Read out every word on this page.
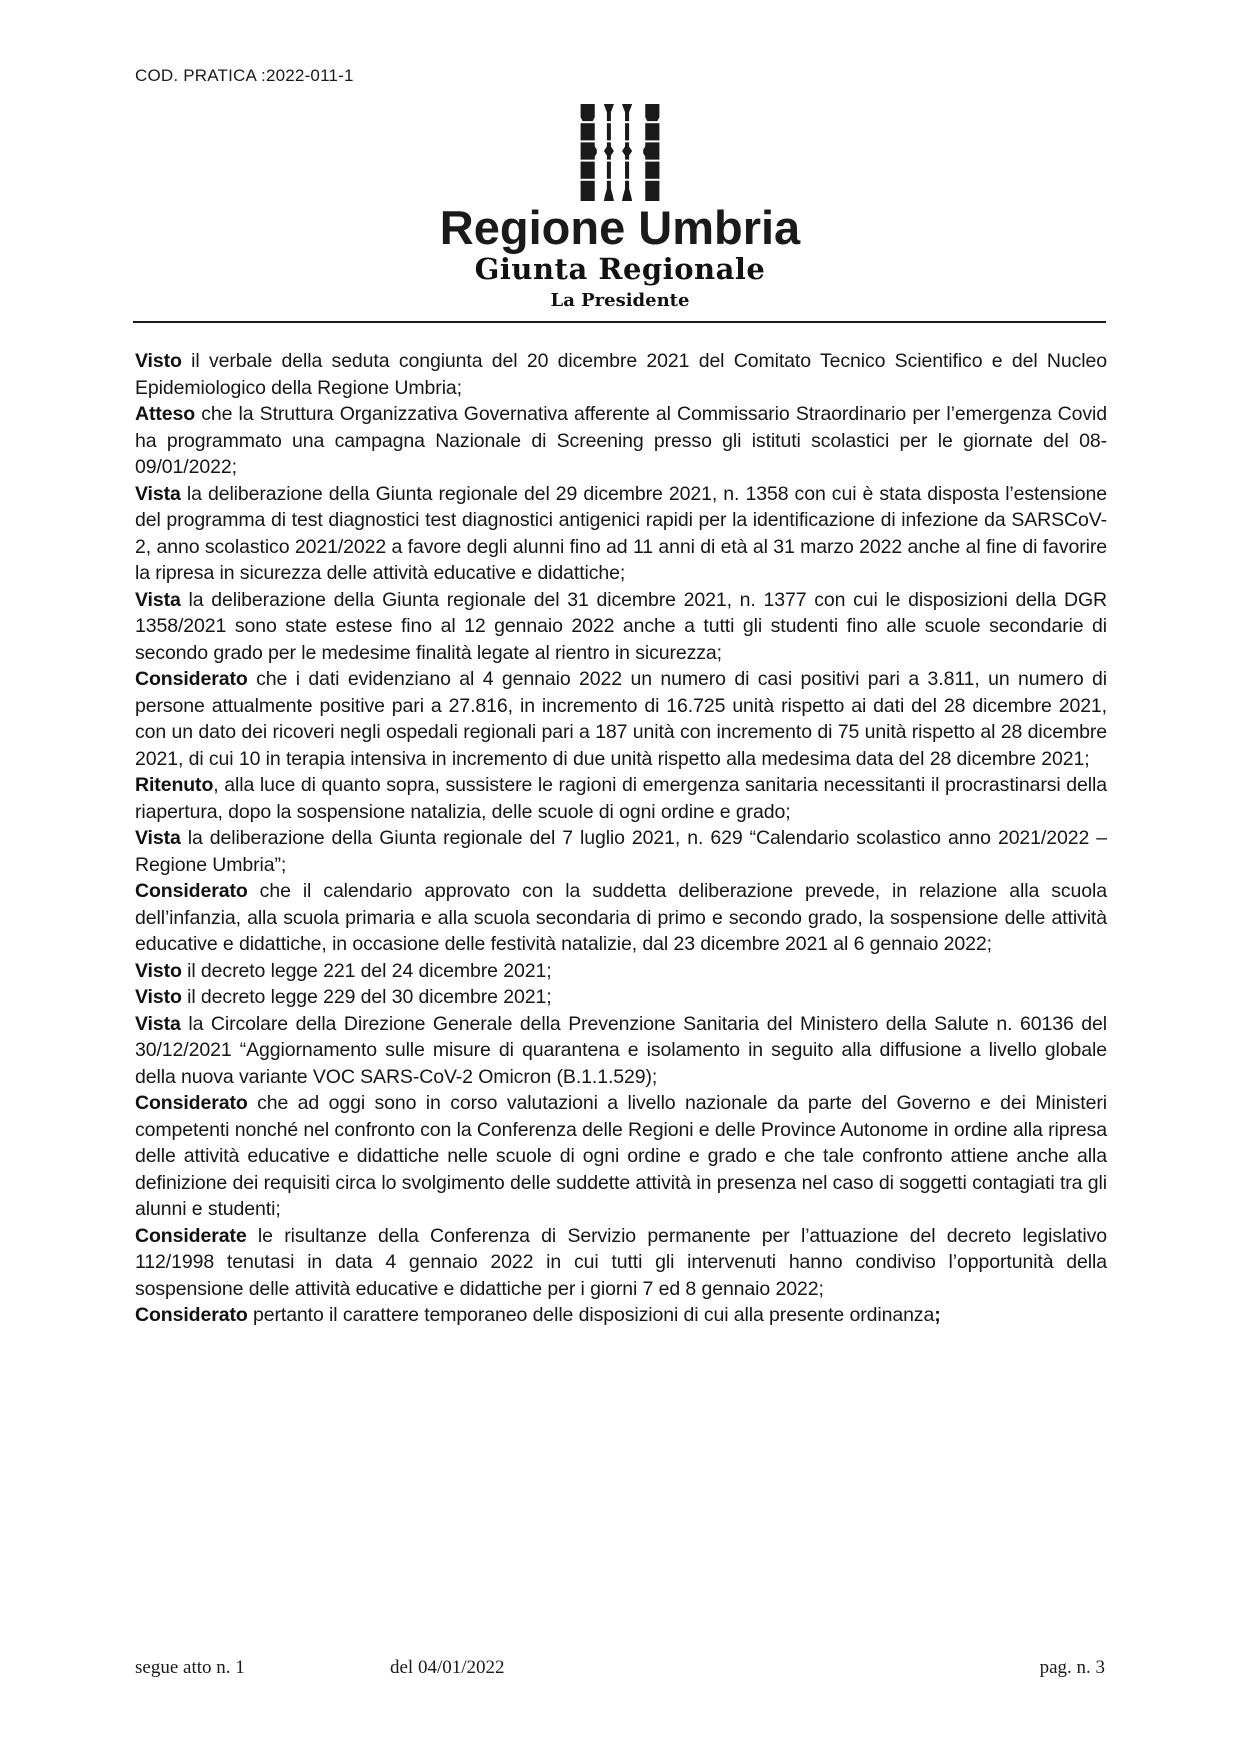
COD. PRATICA :2022-011-1
Regione Umbria
Giunta Regionale
La Presidente

Visto il verbale della seduta congiunta del 20 dicembre 2021 del Comitato Tecnico Scientifico e del Nucleo Epidemiologico della Regione Umbria;

Atteso che la Struttura Organizzativa Governativa afferente al Commissario Straordinario per l’emergenza Covid ha programmato una campagna Nazionale di Screening presso gli istituti scolastici per le giornate del 08-09/01/2022;

Vista la deliberazione della Giunta regionale del 29 dicembre 2021, n. 1358 con cui è stata disposta l’estensione del programma di test diagnostici test diagnostici antigenici rapidi per la identificazione di infezione da SARSCoV-2, anno scolastico 2021/2022 a favore degli alunni fino ad 11 anni di età al 31 marzo 2022 anche al fine di favorire la ripresa in sicurezza delle attività educative e didattiche;

Vista la deliberazione della Giunta regionale del 31 dicembre 2021, n. 1377 con cui le disposizioni della DGR 1358/2021 sono state estese fino al 12 gennaio 2022 anche a tutti gli studenti fino alle scuole secondarie di secondo grado per le medesime finalità legate al rientro in sicurezza;

Considerato che i dati evidenziano al 4 gennaio 2022 un numero di casi positivi pari a 3.811, un numero di persone attualmente positive pari a 27.816, in incremento di 16.725 unità rispetto ai dati del 28 dicembre 2021, con un dato dei ricoveri negli ospedali regionali pari a 187 unità con incremento di 75 unità rispetto al 28 dicembre 2021, di cui 10 in terapia intensiva in incremento di due unità rispetto alla medesima data del 28 dicembre 2021;

Ritenuto, alla luce di quanto sopra, sussistere le ragioni di emergenza sanitaria necessitanti il procrastinarsi della riapertura, dopo la sospensione natalizia, delle scuole di ogni ordine e grado;

Vista la deliberazione della Giunta regionale del 7 luglio 2021, n. 629 “Calendario scolastico anno 2021/2022 – Regione Umbria”;

Considerato che il calendario approvato con la suddetta deliberazione prevede, in relazione alla scuola dell’infanzia, alla scuola primaria e alla scuola secondaria di primo e secondo grado, la sospensione delle attività educative e didattiche, in occasione delle festività natalizie, dal 23 dicembre 2021 al 6 gennaio 2022;

Visto il decreto legge 221 del 24 dicembre 2021;

Visto il decreto legge 229 del 30 dicembre 2021;

Vista la Circolare della Direzione Generale della Prevenzione Sanitaria del Ministero della Salute n. 60136 del 30/12/2021 “Aggiornamento sulle misure di quarantena e isolamento in seguito alla diffusione a livello globale della nuova variante VOC SARS-CoV-2 Omicron (B.1.1.529);

Considerato che ad oggi sono in corso valutazioni a livello nazionale da parte del Governo e dei Ministeri competenti nonché nel confronto con la Conferenza delle Regioni e delle Province Autonome in ordine alla ripresa delle attività educative e didattiche nelle scuole di ogni ordine e grado e che tale confronto attiene anche alla definizione dei requisiti circa lo svolgimento delle suddette attività in presenza nel caso di soggetti contagiati tra gli alunni e studenti;

Considerate le risultanze della Conferenza di Servizio permanente per l’attuazione del decreto legislativo 112/1998 tenutasi in data 4 gennaio 2022 in cui tutti gli intervenuti hanno condiviso l’opportunità della sospensione delle attività educative e didattiche per i giorni 7 ed 8 gennaio 2022;

Considerato pertanto il carattere temporaneo delle disposizioni di cui alla presente ordinanza;

segue atto n. 1	del 04/01/2022	pag. n. 3
